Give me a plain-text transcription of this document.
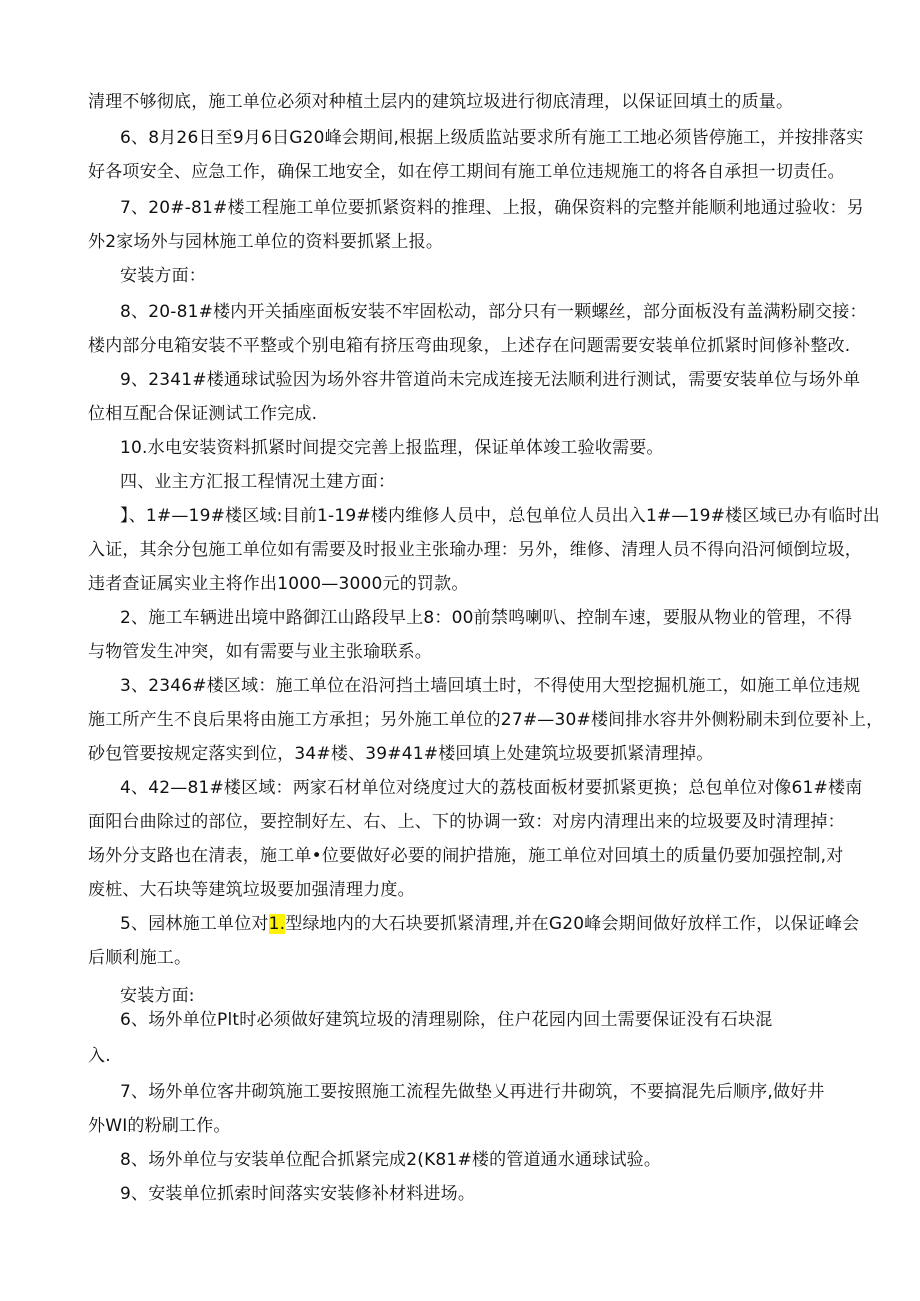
清理不够彻底，施工单位必须对种植土层内的建筑垃圾进行彻底清理，以保证回填土的质量。
6、8月26日至9月6日G20峰会期间,根据上级质监站要求所有施工工地必须皆停施工，并按排落实
好各项安全、应急工作，确保工地安全，如在停工期间有施工单位违规施工的将各自承担一切责任。
7、20#-81#楼工程施工单位要抓紧资料的推理、上报，确保资料的完整并能顺利地通过验收：另
外2家场外与园林施工单位的资料要抓紧上报。
安装方面：
8、20-81#楼内开关插座面板安装不牢固松动，部分只有一颗螺丝，部分面板没有盖满粉刷交接：
楼内部分电箱安装不平整或个别电箱有挤压弯曲现象，上述存在问题需要安装单位抓紧时间修补整改.
9、2341#楼通球试验因为场外容井管道尚未完成连接无法顺利进行测试，需要安装单位与场外单
位相互配合保证测试工作完成.
10.水电安装资料抓紧时间提交完善上报监理，保证单体竣工验收需要。
四、业主方汇报工程情况土建方面：
】、1#—19#楼区域:目前1-19#楼内维修人员中，总包单位人员出入1#—19#楼区域已办有临时出
入证，其余分包施工单位如有需要及时报业主张瑜办理：另外，维修、清理人员不得向沿河倾倒垃圾，
违者查证属实业主将作出1000—3000元的罚款。
2、施工车辆进出境中路御江山路段早上8：00前禁鸣喇叭、控制车速，要服从物业的管理，不得
与物管发生冲突，如有需要与业主张瑜联系。
3、2346#楼区域：施工单位在沿河挡土墙回填土时，不得使用大型挖掘机施工，如施工单位违规
施工所产生不良后果将由施工方承担；另外施工单位的27#—30#楼间排水容井外侧粉刷未到位要补上，
砂包管要按规定落实到位，34#楼、39#41#楼回填上处建筑垃圾要抓紧清理掉。
4、42—81#楼区域：两家石材单位对绕度过大的荔枝面板材要抓紧更换；总包单位对像61#楼南
面阳台曲除过的部位，要控制好左、右、上、下的协调一致：对房内清理出来的垃圾要及时清理掉：
场外分支路也在清表，施工单•位要做好必要的闹护措施，施工单位对回填土的质量仍要加强控制,对
废桩、大石块等建筑垃圾要加强清理力度。
5、园林施工单位对1.型绿地内的大石块要抓紧清理,并在G20峰会期间做好放样工作，以保证峰会
后顺利施工。
安装方面:
6、场外单位Plt时必须做好建筑垃圾的清理剔除，住户花园内回土需要保证没有石块混
入.
7、场外单位客井砌筑施工要按照施工流程先做垫乂再进行井砌筑，不要搞混先后顺序,做好井
外WI的粉刷工作。
8、场外单位与安装单位配合抓紧完成2(K81#楼的管道通水通球试验。
9、安装单位抓索时间落实安装修补材料进场。
